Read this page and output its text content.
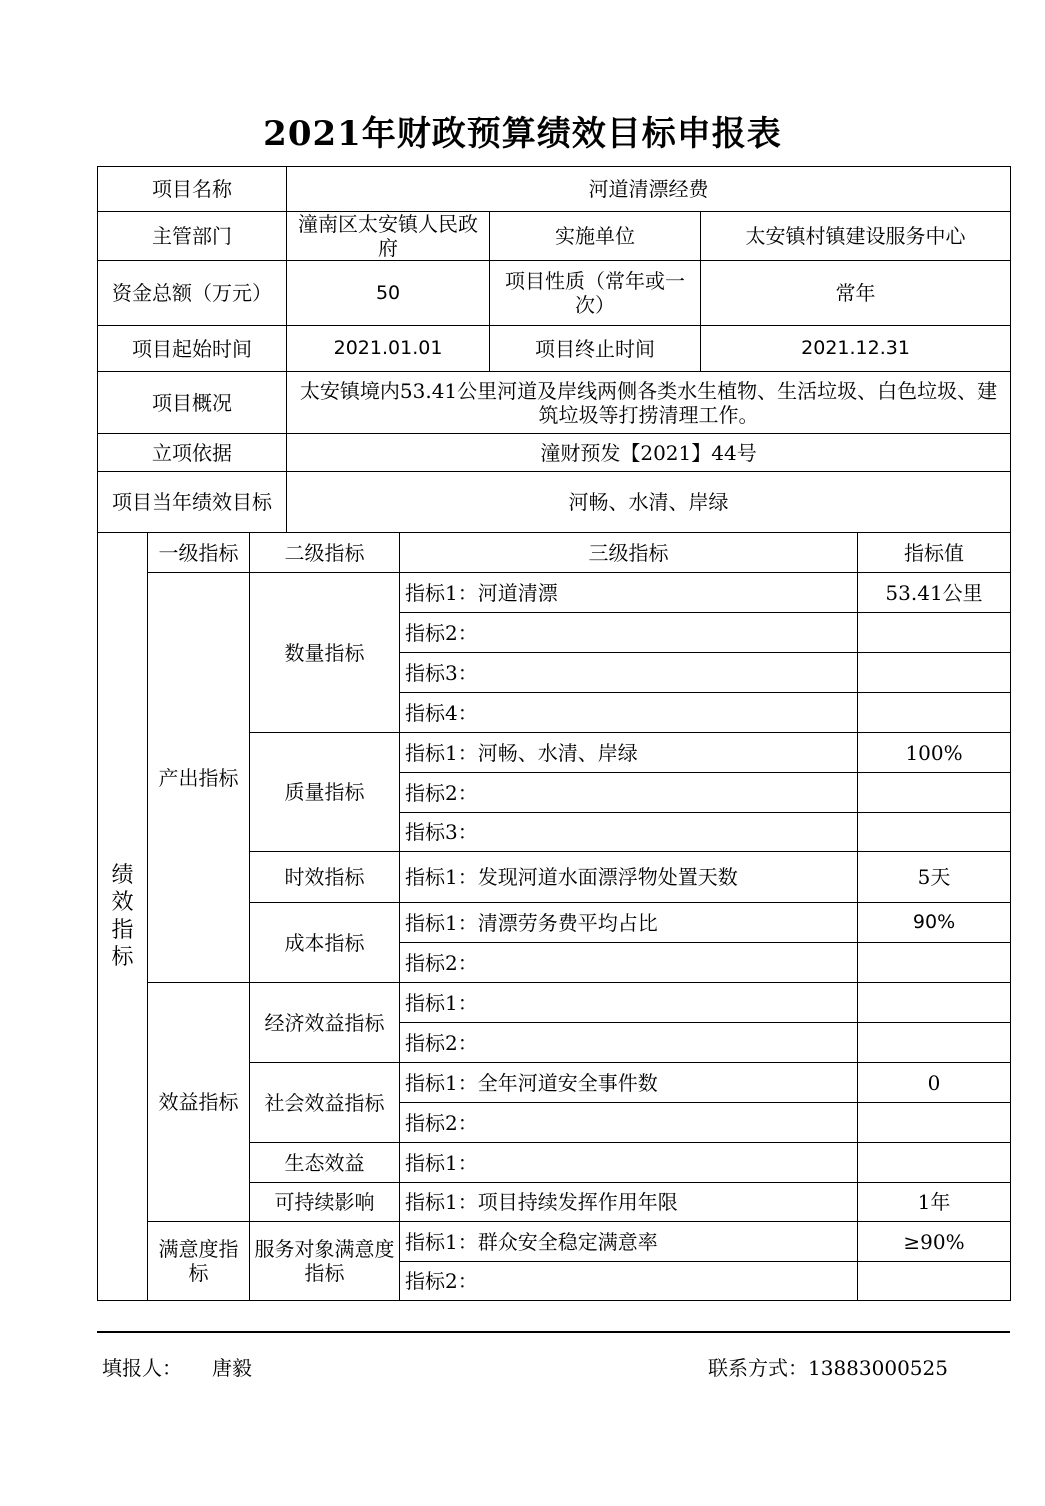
2021年财政预算绩效目标申报表
项目名称			河道清漂经费				
主管部门			潼南区太安镇人民政府		实施单位	太安镇村镇建设服务中心	
资金总额（万元）			50		项目性质（常年或一次）	常年	
项目起始时间			2021.01.01		项目终止时间	2021.12.31	
项目概况			太安镇境内53.41公里河道及岸线两侧各类水生植物、生活垃圾、白色垃圾、建筑垃圾等打捞清理工作。				
立项依据			潼财预发【2021】44号				
项目当年绩效目标			河畅、水清、岸绿				
绩效指标	一级指标	二级指标		三级指标			指标值
	产出指标	数量指标		指标1：河道清漂			53.41公里
				指标2：			
				指标3：			
				指标4：			
		质量指标		指标1：河畅、水清、岸绿			100%
				指标2：			
				指标3：			
		时效指标		指标1：发现河道水面漂浮物处置天数			5天
		成本指标		指标1：清漂劳务费平均占比			90%
				指标2：			
	效益指标	经济效益指标		指标1：			
				指标2：			
		社会效益指标		指标1：全年河道安全事件数			0
				指标2：			
		生态效益		指标1：			
		可持续影响		指标1：项目持续发挥作用年限			1年
	满意度指标	服务对象满意度指标		指标1：群众安全稳定满意率			≥90%
				指标2：			
填报人： 唐毅	联系方式：13883000525
